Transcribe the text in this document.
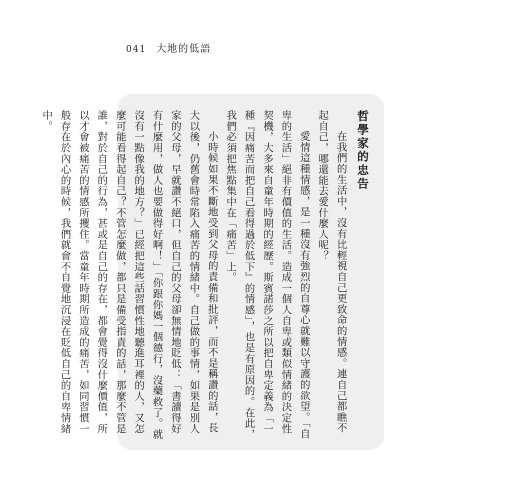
041 大地的低語
哲學家的忠告

在我們的生活中，沒有比輕視自己更致命的情感。連自己都瞧不起自己，哪還能去愛什麼人呢？

愛情這種情感，是一種沒有強烈的自尊心就難以守護的欲望。「自卑的生活」絕非有價值的生活。造成一個人自卑或類似情緒的決定性契機，大多來自童年時期的經歷。斯賓諾莎之所以把自卑定義為「一種『因痛苦而把自己看得過於低下』的情感」，也是有原因的。在此，我們必須把焦點集中在「痛苦」上。

小時候如果不斷地受到父母的責備和批評，而不是稱讚的話，長大以後，仍舊會時常陷入痛苦的情緒中。自己做的事情，如果是別人家的父母，早就讚不絕口，但自己的父母卻無情地貶低：「書讀得好有什麼用，做人也要做得好啊！」「你跟你媽一個德行，沒藥救了。就沒有一點像我的地方？」已經把這些話習慣性地聽進耳裡的人，又怎麼可能看得起自己？不管怎麼做，都只是備受指責的話，那麼不管是誰，對於自己的行為，甚或是自己的存在，都會覺得沒什麼價值，所以才會被痛苦的情感所攫住。當童年時期所造成的痛苦，如同習慣一般存在於內心的時候，我們就會不自覺地沉浸在貶低自己的自卑情緒中。
